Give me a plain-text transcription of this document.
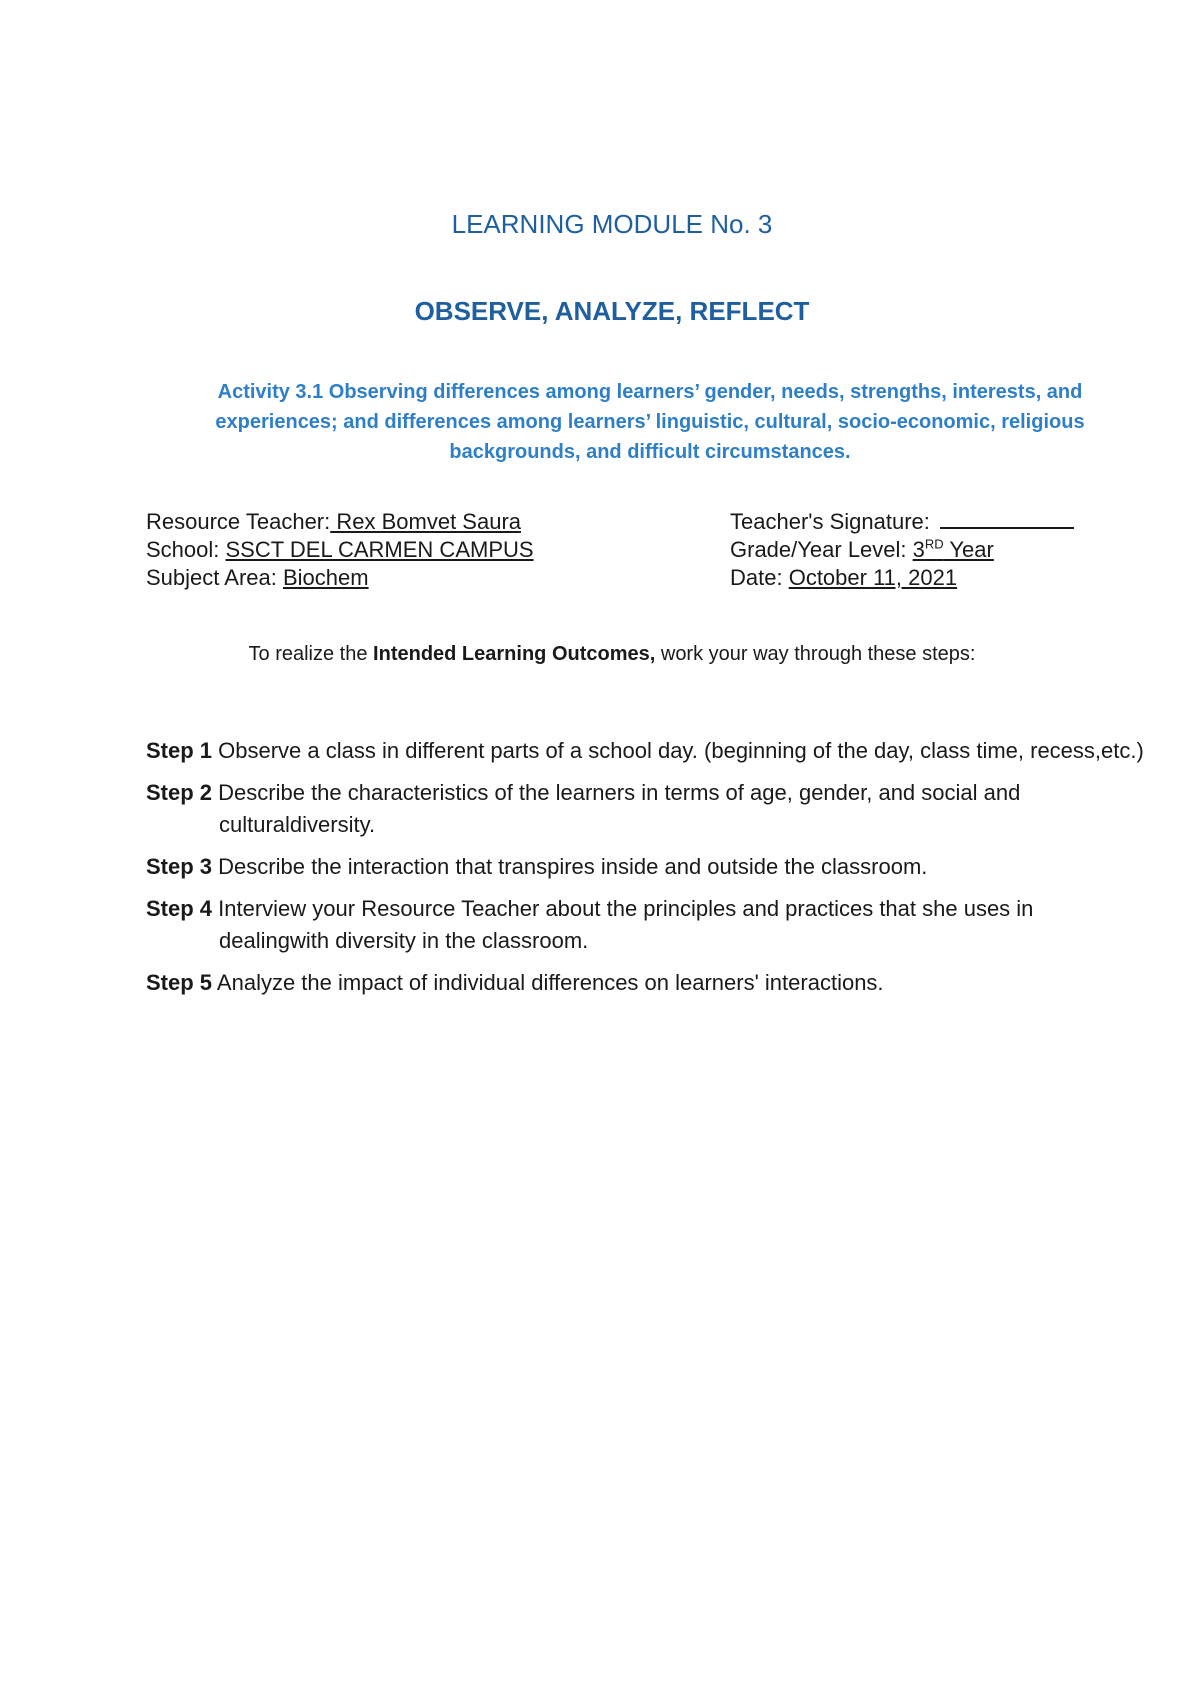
LEARNING MODULE No. 3
OBSERVE, ANALYZE, REFLECT
Activity 3.1 Observing differences among learners’ gender, needs, strengths, interests, and experiences; and differences among learners’ linguistic, cultural, socio-economic, religious backgrounds, and difficult circumstances.
Resource Teacher: Rex Bomvet Saura
School: SSCT DEL CARMEN CAMPUS
Subject Area: Biochem
Teacher's Signature:
Grade/Year Level: 3RD Year
Date: October 11, 2021
To realize the Intended Learning Outcomes, work your way through these steps:
Step 1 Observe a class in different parts of a school day. (beginning of the day, class time, recess,etc.)
Step 2 Describe the characteristics of the learners in terms of age, gender, and social and culturaldiversity.
Step 3 Describe the interaction that transpires inside and outside the classroom.
Step 4 Interview your Resource Teacher about the principles and practices that she uses in dealingwith diversity in the classroom.
Step 5 Analyze the impact of individual differences on learners' interactions.
